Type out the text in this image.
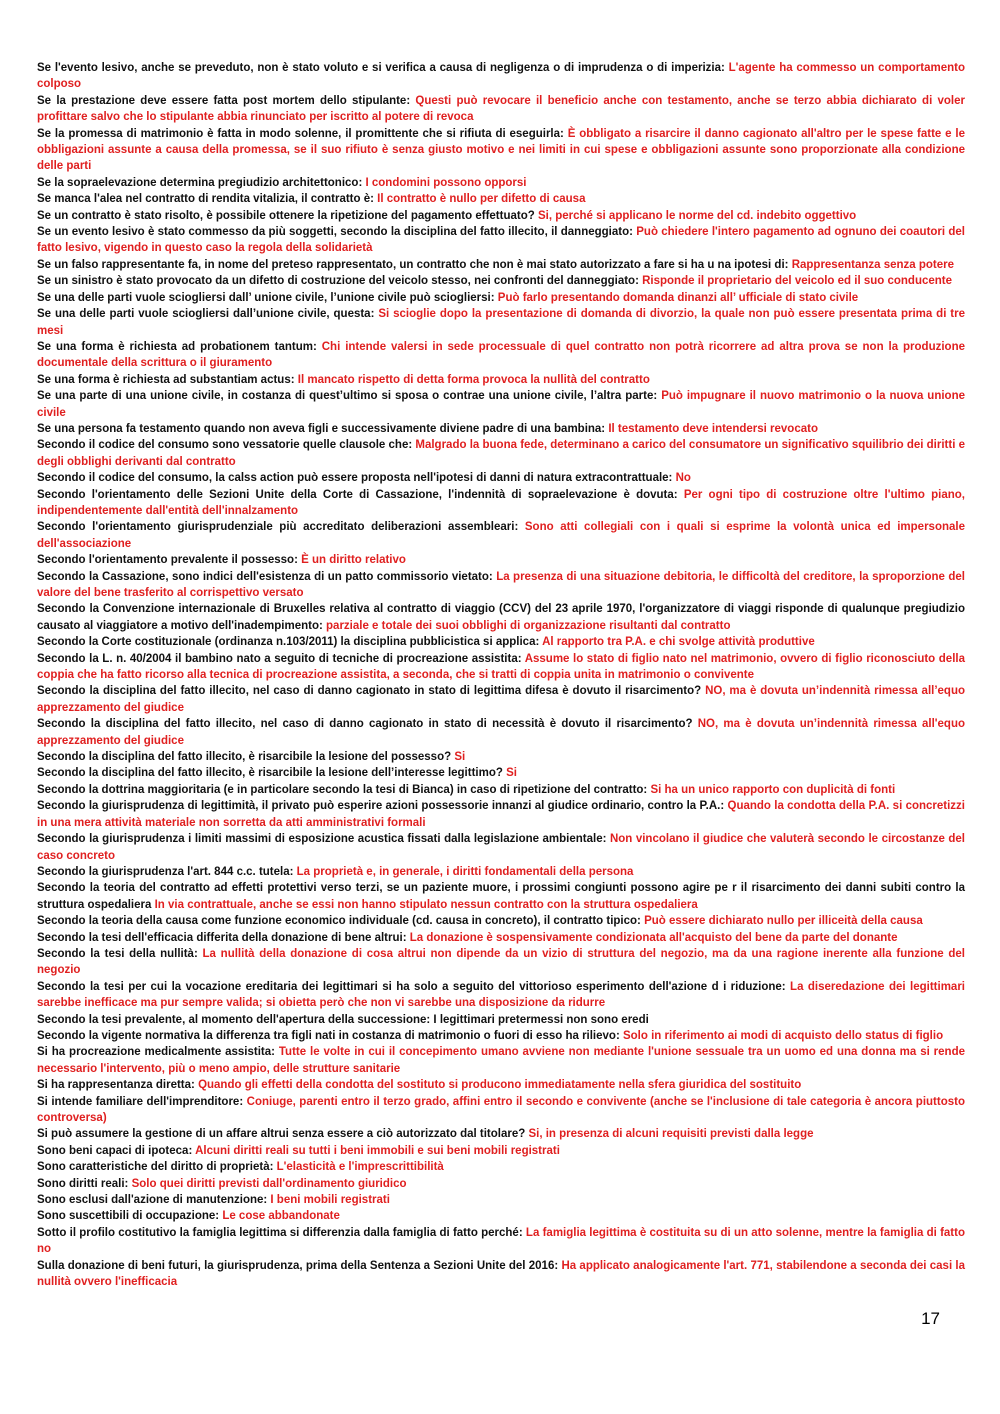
Se l'evento lesivo, anche se preveduto, non è stato voluto e si verifica a causa di negligenza o di imprudenza o di imperizia: L'agente ha commesso un comportamento colposo

Se la prestazione deve essere fatta post mortem dello stipulante: Questi può revocare il beneficio anche con testamento, anche se terzo abbia dichiarato di voler profittare salvo che lo stipulante abbia rinunciato per iscritto al potere di revoca

Se la promessa di matrimonio è fatta in modo solenne, il promittente che si rifiuta di eseguirla: È obbligato a risarcire il danno cagionato all'altro per le spese fatte e le obbligazioni assunte a causa della promessa, se il suo rifiuto è senza giusto motivo e nei limiti in cui spese e obbligazioni assunte sono proporzionate alla condizione delle parti

Se la sopraelevazione determina pregiudizio architettonico: I condomini possono opporsi

Se manca l'alea nel contratto di rendita vitalizia, il contratto è: Il contratto è nullo per difetto di causa

Se un contratto è stato risolto, è possibile ottenere la ripetizione del pagamento effettuato? Si, perché si applicano le norme del cd. indebito oggettivo

Se un evento lesivo è stato commesso da più soggetti, secondo la disciplina del fatto illecito, il danneggiato: Può chiedere l'intero pagamento ad ognuno dei coautori del fatto lesivo, vigendo in questo caso la regola della solidarietà

Se un falso rappresentante fa, in nome del preteso rappresentato, un contratto che non è mai stato autorizzato a fare si ha u na ipotesi di: Rappresentanza senza potere

Se un sinistro è stato provocato da un difetto di costruzione del veicolo stesso, nei confronti del danneggiato: Risponde il proprietario del veicolo ed il suo conducente

Se una delle parti vuole sciogliersi dall’ unione civile, l’unione civile può sciogliersi: Può farlo presentando domanda dinanzi all’ ufficiale di stato civile

Se una delle parti vuole sciogliersi dall’unione civile, questa: Si scioglie dopo la presentazione di domanda di divorzio, la quale non può essere presentata prima di tre mesi

Se una forma è richiesta ad probationem tantum: Chi intende valersi in sede processuale di quel contratto non potrà ricorrere ad altra prova se non la produzione documentale della scrittura o il giuramento

Se una forma è richiesta ad substantiam actus: Il mancato rispetto di detta forma provoca la nullità del contratto

Se una parte di una unione civile, in costanza di quest’ultimo si sposa o contrae una unione civile, l’altra parte: Può impugnare il nuovo matrimonio o la nuova unione civile

Se una persona fa testamento quando non aveva figli e successivamente diviene padre di una bambina: Il testamento deve intendersi revocato

Secondo il codice del consumo sono vessatorie quelle clausole che: Malgrado la buona fede, determinano a carico del consumatore un significativo squilibrio dei diritti e degli obblighi derivanti dal contratto

Secondo il codice del consumo, la calss action può essere proposta nell'ipotesi di danni di natura extracontrattuale: No

Secondo l'orientamento delle Sezioni Unite della Corte di Cassazione, l'indennità di sopraelevazione è dovuta: Per ogni tipo di costruzione oltre l'ultimo piano, indipendentemente dall'entità dell'innalzamento

Secondo l'orientamento giurisprudenziale più accreditato deliberazioni assembleari: Sono atti collegiali con i quali si esprime la volontà unica ed impersonale dell'associazione

Secondo l'orientamento prevalente il possesso: È un diritto relativo

Secondo la Cassazione, sono indici dell'esistenza di un patto commissorio vietato: La presenza di una situazione debitoria, le difficoltà del creditore, la sproporzione del valore del bene trasferito al corrispettivo versato

Secondo la Convenzione internazionale di Bruxelles relativa al contratto di viaggio (CCV) del 23 aprile 1970, l'organizzatore di viaggi risponde di qualunque pregiudizio causato al viaggiatore a motivo dell'inadempimento: parziale e totale dei suoi obblighi di organizzazione risultanti dal contratto

Secondo la Corte costituzionale (ordinanza n.103/2011) la disciplina pubblicistica si applica: Al rapporto tra P.A. e chi svolge attività produttive

Secondo la L. n. 40/2004 il bambino nato a seguito di tecniche di procreazione assistita: Assume lo stato di figlio nato nel matrimonio, ovvero di figlio riconosciuto della coppia che ha fatto ricorso alla tecnica di procreazione assistita, a seconda, che si tratti di coppia unita in matrimonio o convivente

Secondo la disciplina del fatto illecito, nel caso di danno cagionato in stato di legittima difesa è dovuto il risarcimento? NO, ma è dovuta un’indennità rimessa all’equo apprezzamento del giudice

Secondo la disciplina del fatto illecito, nel caso di danno cagionato in stato di necessità è dovuto il risarcimento? NO, ma è dovuta un’indennità rimessa all'equo apprezzamento del giudice

Secondo la disciplina del fatto illecito, è risarcibile la lesione del possesso? Si

Secondo la disciplina del fatto illecito, è risarcibile la lesione dell’interesse legittimo? Si

Secondo la dottrina maggioritaria (e in particolare secondo la tesi di Bianca) in caso di ripetizione del contratto: Si ha un unico rapporto con duplicità di fonti

Secondo la giurisprudenza di legittimità, il privato può esperire azioni possessorie innanzi al giudice ordinario, contro la P.A.: Quando la condotta della P.A. si concretizzi in una mera attività materiale non sorretta da atti amministrativi formali

Secondo la giurisprudenza i limiti massimi di esposizione acustica fissati dalla legislazione ambientale: Non vincolano il giudice che valuterà secondo le circostanze del caso concreto

Secondo la giurisprudenza l'art. 844 c.c. tutela: La proprietà e, in generale, i diritti fondamentali della persona

Secondo la teoria del contratto ad effetti protettivi verso terzi, se un paziente muore, i prossimi congiunti possono agire pe r il risarcimento dei danni subiti contro la struttura ospedaliera In via contrattuale, anche se essi non hanno stipulato nessun contratto con la struttura ospedaliera

Secondo la teoria della causa come funzione economico individuale (cd. causa in concreto), il contratto tipico: Può essere dichiarato nullo per illiceità della causa

Secondo la tesi dell'efficacia differita della donazione di bene altrui: La donazione è sospensivamente condizionata all'acquisto del bene da parte del donante

Secondo la tesi della nullità: La nullità della donazione di cosa altrui non dipende da un vizio di struttura del negozio, ma da una ragione inerente alla funzione del negozio

Secondo la tesi per cui la vocazione ereditaria dei legittimari si ha solo a seguito del vittorioso esperimento dell'azione d i riduzione: La diseredazione dei legittimari sarebbe inefficace ma pur sempre valida; si obietta però che non vi sarebbe una disposizione da ridurre

Secondo la tesi prevalente, al momento dell'apertura della successione: I legittimari pretermessi non sono eredi

Secondo la vigente normativa la differenza tra figli nati in costanza di matrimonio o fuori di esso ha rilievo: Solo in riferimento ai modi di acquisto dello status di figlio

Si ha procreazione medicalmente assistita: Tutte le volte in cui il concepimento umano avviene non mediante l'unione sessuale tra un uomo ed una donna ma si rende necessario l'intervento, più o meno ampio, delle strutture sanitarie

Si ha rappresentanza diretta: Quando gli effetti della condotta del sostituto si producono immediatamente nella sfera giuridica del sostituito

Si intende familiare dell'imprenditore: Coniuge, parenti entro il terzo grado, affini entro il secondo e convivente (anche se l'inclusione di tale categoria è ancora piuttosto controversa)

Si può assumere la gestione di un affare altrui senza essere a ciò autorizzato dal titolare? Si, in presenza di alcuni requisiti previsti dalla legge

Sono beni capaci di ipoteca: Alcuni diritti reali su tutti i beni immobili e sui beni mobili registrati

Sono caratteristiche del diritto di proprietà: L'elasticità e l'imprescrittibilità

Sono diritti reali: Solo quei diritti previsti dall'ordinamento giuridico

Sono esclusi dall'azione di manutenzione: I beni mobili registrati

Sono suscettibili di occupazione: Le cose abbandonate

Sotto il profilo costitutivo la famiglia legittima si differenzia dalla famiglia di fatto perché: La famiglia legittima è costituita su di un atto solenne, mentre la famiglia di fatto no

Sulla donazione di beni futuri, la giurisprudenza, prima della Sentenza a Sezioni Unite del 2016: Ha applicato analogicamente l'art. 771, stabilendone a seconda dei casi la nullità ovvero l'inefficacia

17
